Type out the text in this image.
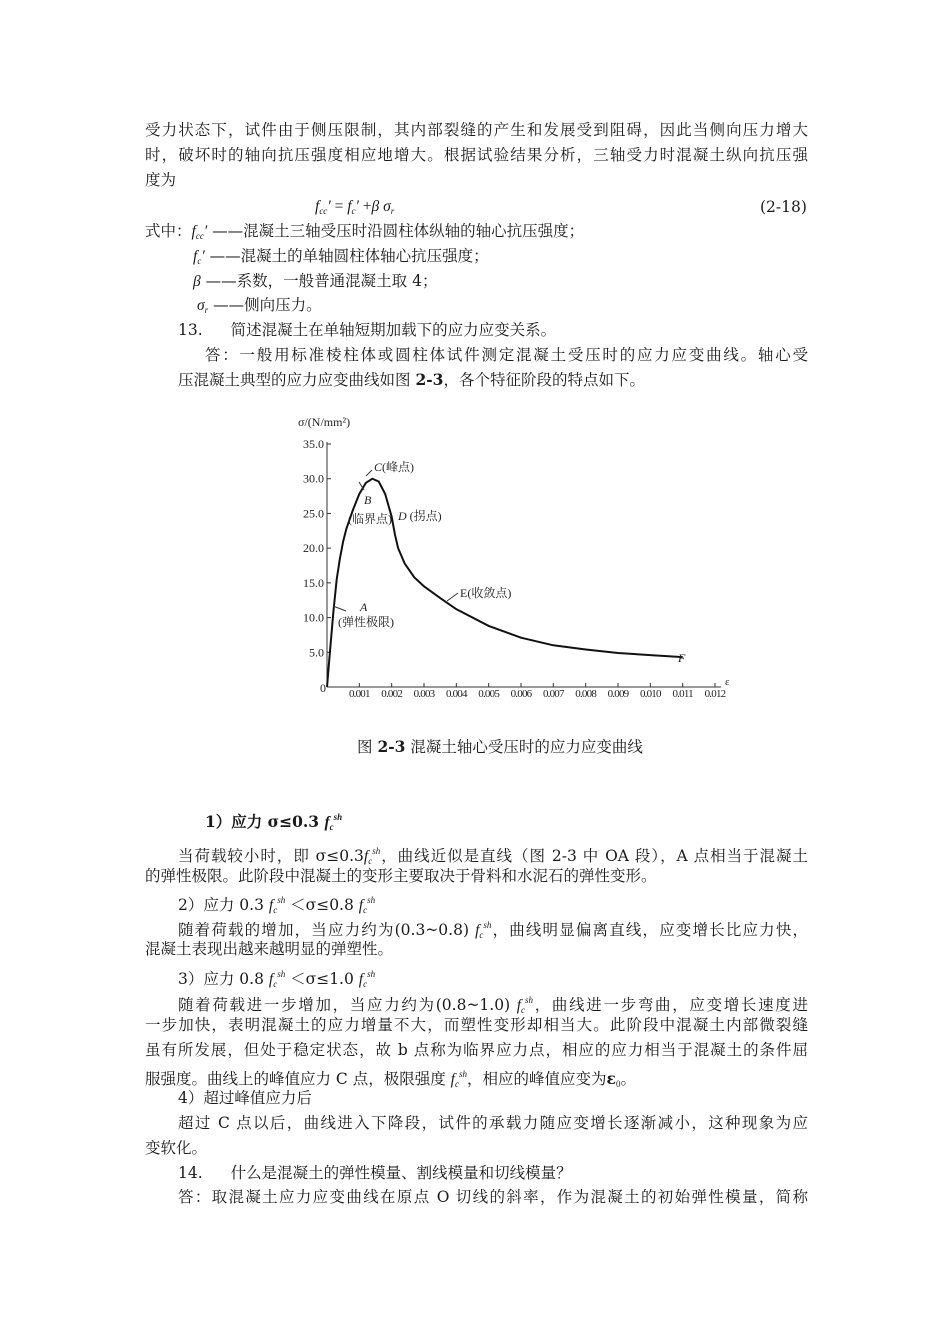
受力状态下，试件由于侧压限制，其内部裂缝的产生和发展受到阻碍，因此当侧向压力增大
时，破坏时的轴向抗压强度相应地增大。根据试验结果分析，三轴受力时混凝土纵向抗压强
度为
$f_{cc}' = f_c' +\beta$ $\sigma_r$	(2-18)
式中：$f_{cc}'$ ——混凝土三轴受压时沿圆柱体纵轴的轴心抗压强度；
$f_c'$ ——混凝土的单轴圆柱体轴心抗压强度；
β ——系数，一般普通混凝土取 4；
$\sigma_r$ ——侧向压力。
13. 简述混凝土在单轴短期加载下的应力应变关系。
答：一般用标准棱柱体或圆柱体试件测定混凝土受压时的应力应变曲线。轴心受
压混凝土典型的应力应变曲线如图 2-3，各个特征阶段的特点如下。
σ/(N/mm²)
0	ε
0.001 0.002 0.003 0.004 0.005 0.006 0.007 0.008 0.009 0.010 0.011 0.012
5.0
10.0
15.0
20.0
25.0
30.0
35.0
C(峰点)
B
(临界点) D (拐点)
E(收敛点)
A
(弹性极限)
F
图 2-3 混凝土轴心受压时的应力应变曲线
1）应力 σ≤0.3 $f_c^{sh}$
当荷载较小时，即 $\sigma\le 0.3f_c^{sh}$，曲线近似是直线（图 2-3 中 OA 段），A 点相当于混凝土
的弹性极限。此阶段中混凝土的变形主要取决于骨料和水泥石的弹性变形。
2）应力 0.3 $f_c^{sh} <\sigma\le 0.8$ $f_c^{sh}$
随着荷载的增加，当应力约为(0.3~0.8) $f_c^{sh}$，曲线明显偏离直线，应变增长比应力快，
混凝土表现出越来越明显的弹塑性。
3）应力 0.8 $f_c^{sh} <\sigma\le 1.0$ $f_c^{sh}$
随着荷载进一步增加，当应力约为(0.8~1.0) $f_c^{sh}$，曲线进一步弯曲，应变增长速度进
一步加快，表明混凝土的应力增量不大，而塑性变形却相当大。此阶段中混凝土内部微裂缝
虽有所发展，但处于稳定状态，故 b 点称为临界应力点，相应的应力相当于混凝土的条件屈
服强度。曲线上的峰值应力 C 点，极限强度 $f_c^{sh}$，相应的峰值应变为$\varepsilon_0$。
4）超过峰值应力后
超过 C 点以后，曲线进入下降段，试件的承载力随应变增长逐渐减小，这种现象为应
变软化。
14. 什么是混凝土的弹性模量、割线模量和切线模量？
答：取混凝土应力应变曲线在原点 O 切线的斜率，作为混凝土的初始弹性模量，简称
